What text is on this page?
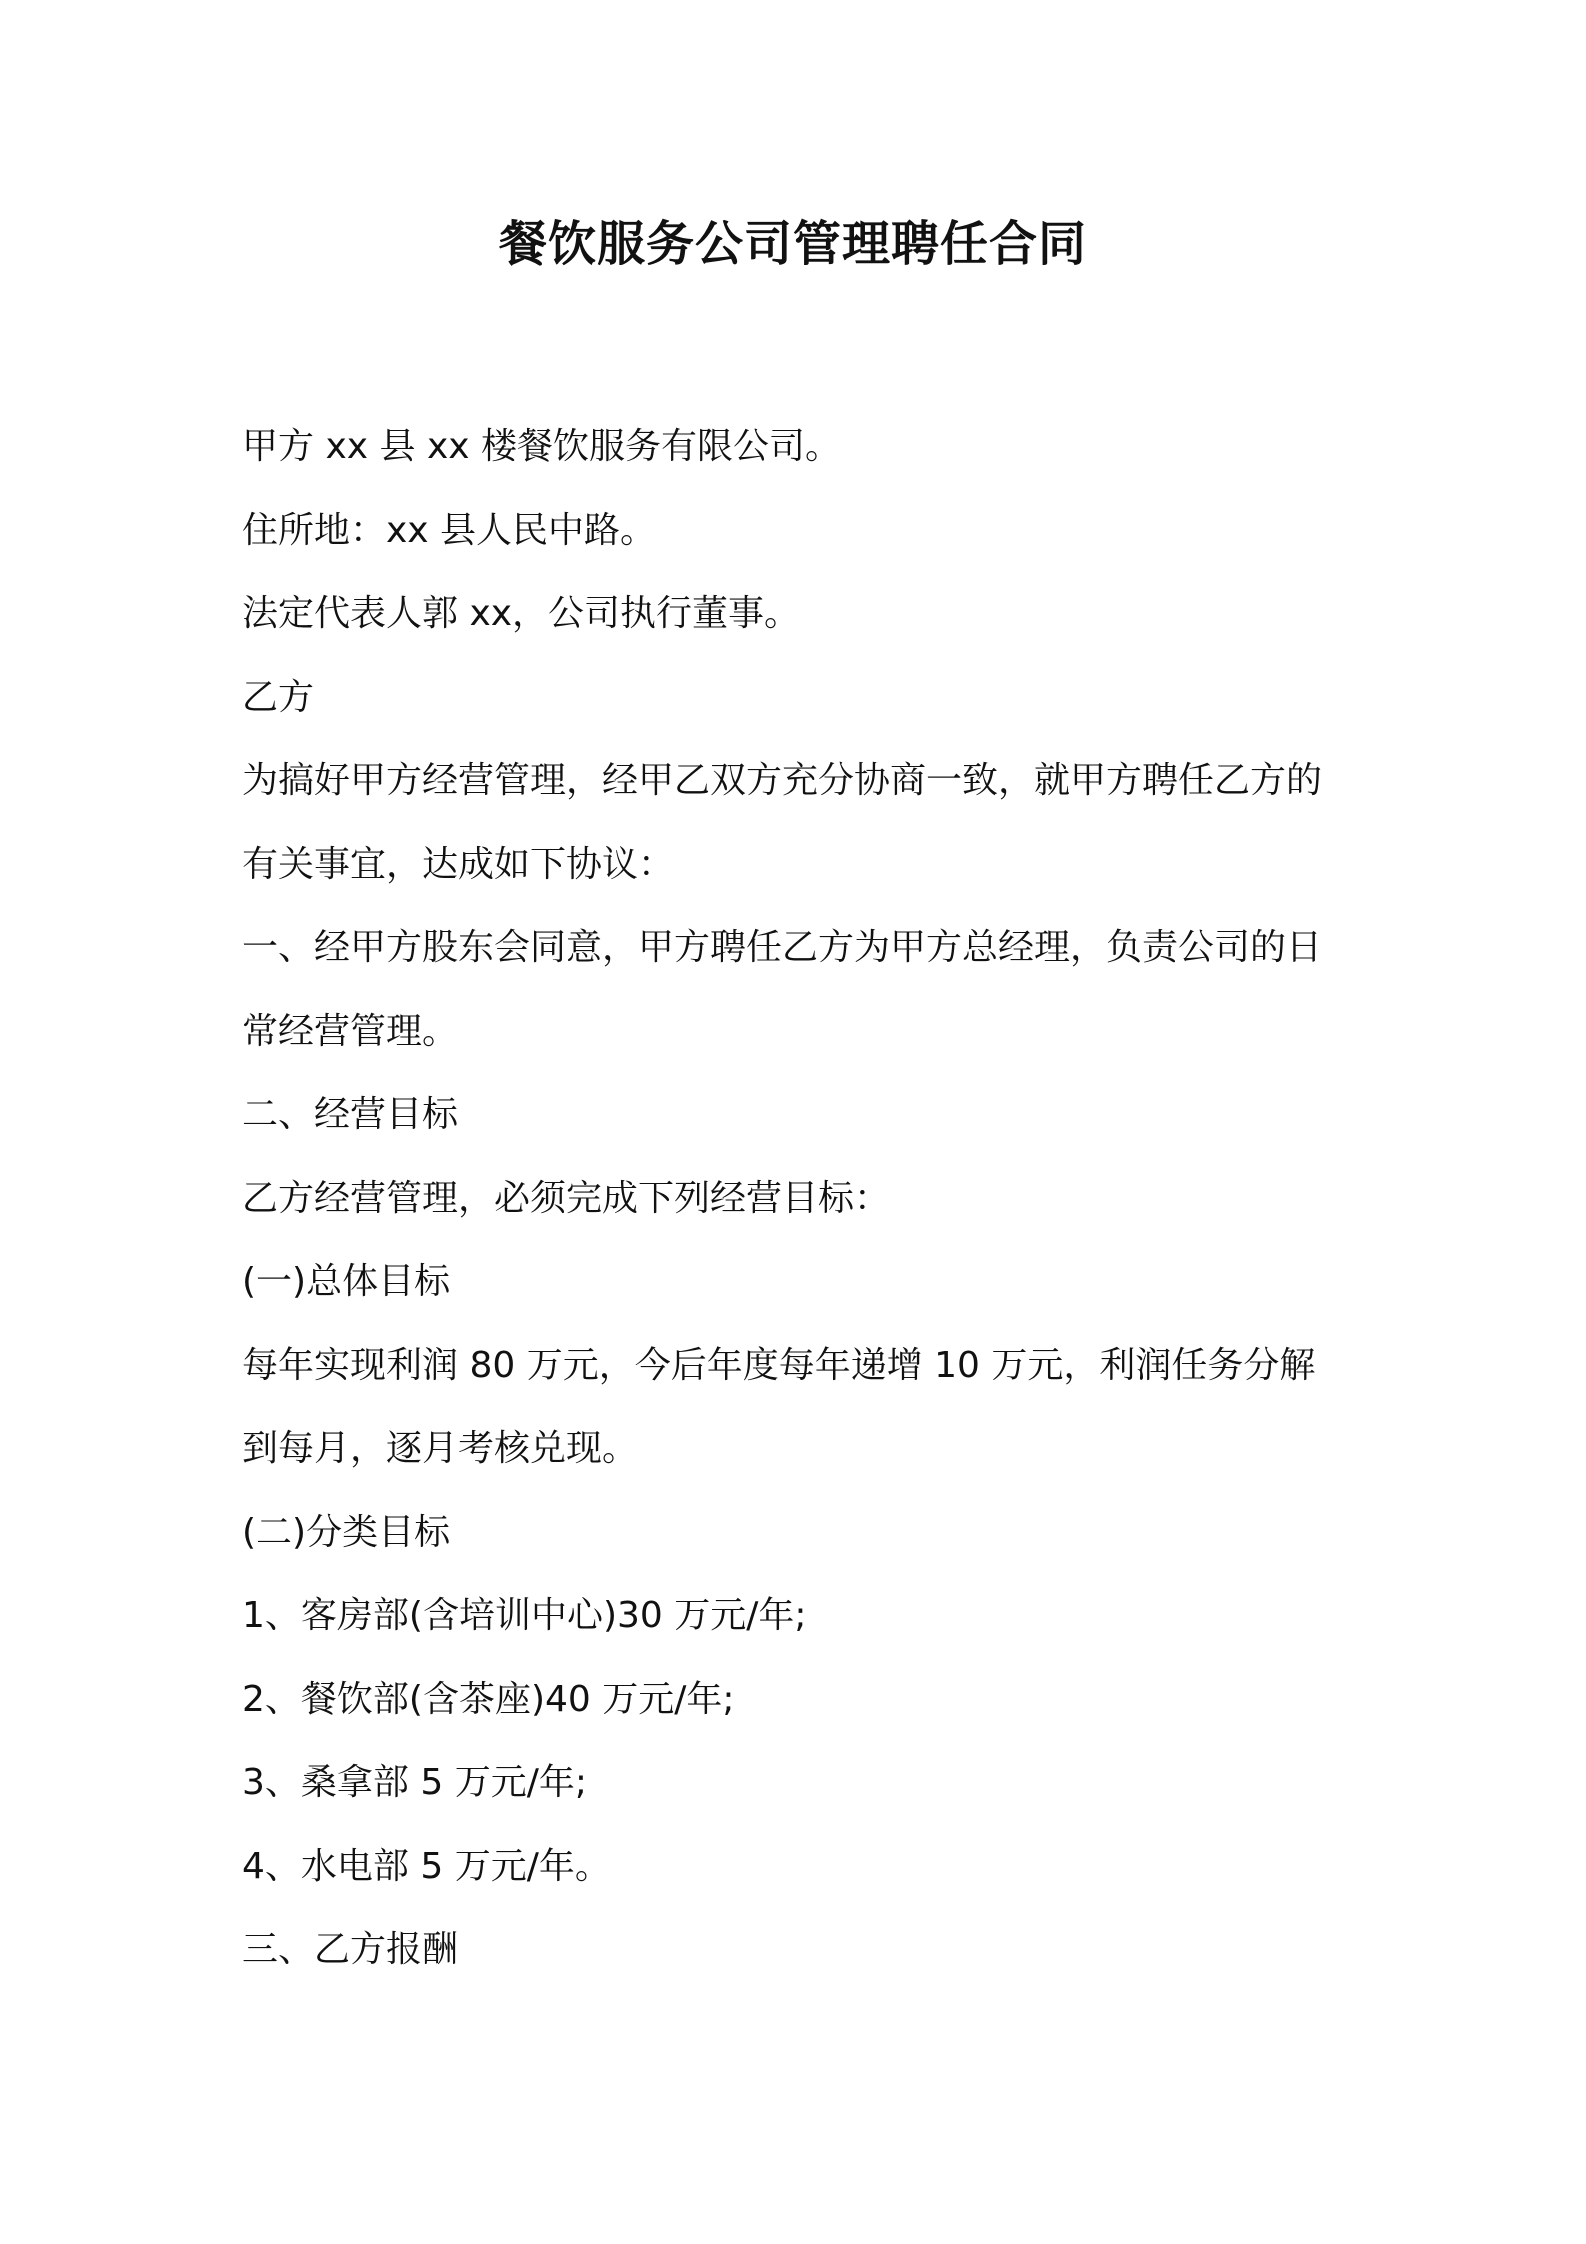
餐饮服务公司管理聘任合同
甲方 xx 县 xx 楼餐饮服务有限公司。
住所地：xx 县人民中路。
法定代表人郭 xx，公司执行董事。
乙方
为搞好甲方经营管理，经甲乙双方充分协商一致，就甲方聘任乙方的
有关事宜，达成如下协议：
一、经甲方股东会同意，甲方聘任乙方为甲方总经理，负责公司的日
常经营管理。
二、经营目标
乙方经营管理，必须完成下列经营目标：
(一)总体目标
每年实现利润 80 万元，今后年度每年递增 10 万元，利润任务分解
到每月，逐月考核兑现。
(二)分类目标
1、客房部(含培训中心)30 万元/年;
2、餐饮部(含茶座)40 万元/年;
3、桑拿部 5 万元/年;
4、水电部 5 万元/年。
三、乙方报酬
